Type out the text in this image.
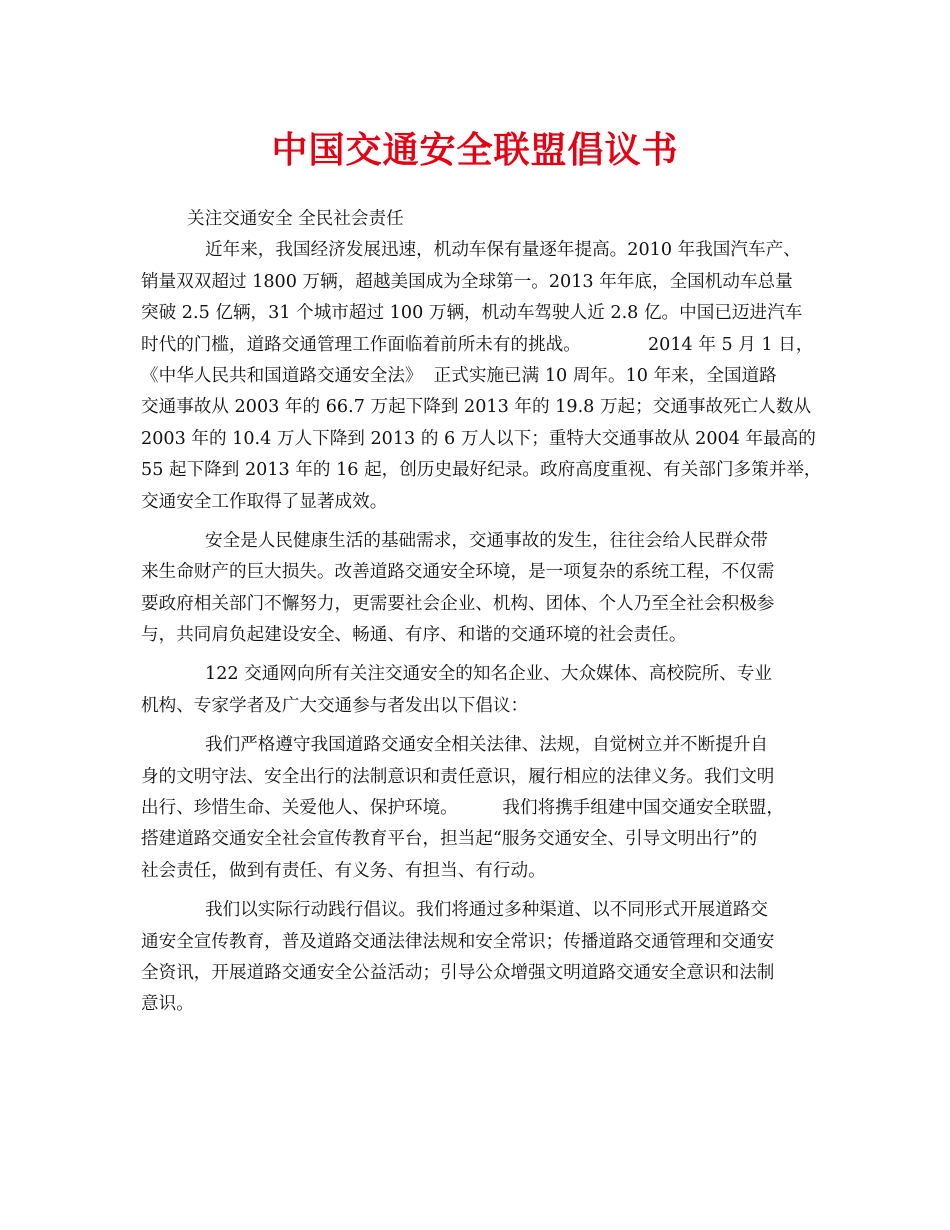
中国交通安全联盟倡议书
关注交通安全 全民社会责任
近年来，我国经济发展迅速，机动车保有量逐年提高。2010 年我国汽车产、
销量双双超过 1800 万辆，超越美国成为全球第一。2013 年年底，全国机动车总量
突破 2.5 亿辆，31 个城市超过 100 万辆，机动车驾驶人近 2.8 亿。中国已迈进汽车
时代的门槛，道路交通管理工作面临着前所未有的挑战。            2014 年 5 月 1 日，
《中华人民共和国道路交通安全法》  正式实施已满 10 周年。10 年来，全国道路
交通事故从 2003 年的 66.7 万起下降到 2013 年的 19.8 万起；交通事故死亡人数从
2003 年的 10.4 万人下降到 2013 的 6 万人以下；重特大交通事故从 2004 年最高的
55 起下降到 2013 年的 16 起，创历史最好纪录。政府高度重视、有关部门多策并举，
交通安全工作取得了显著成效。
安全是人民健康生活的基础需求，交通事故的发生，往往会给人民群众带
来生命财产的巨大损失。改善道路交通安全环境，是一项复杂的系统工程，不仅需
要政府相关部门不懈努力，更需要社会企业、机构、团体、个人乃至全社会积极参
与，共同肩负起建设安全、畅通、有序、和谐的交通环境的社会责任。
122 交通网向所有关注交通安全的知名企业、大众媒体、高校院所、专业
机构、专家学者及广大交通参与者发出以下倡议：
我们严格遵守我国道路交通安全相关法律、法规，自觉树立并不断提升自
身的文明守法、安全出行的法制意识和责任意识，履行相应的法律义务。我们文明
出行、珍惜生命、关爱他人、保护环境。        我们将携手组建中国交通安全联盟，
搭建道路交通安全社会宣传教育平台，担当起“服务交通安全、引导文明出行”的
社会责任，做到有责任、有义务、有担当、有行动。
我们以实际行动践行倡议。我们将通过多种渠道、以不同形式开展道路交
通安全宣传教育，普及道路交通法律法规和安全常识；传播道路交通管理和交通安
全资讯，开展道路交通安全公益活动；引导公众增强文明道路交通安全意识和法制
意识。
